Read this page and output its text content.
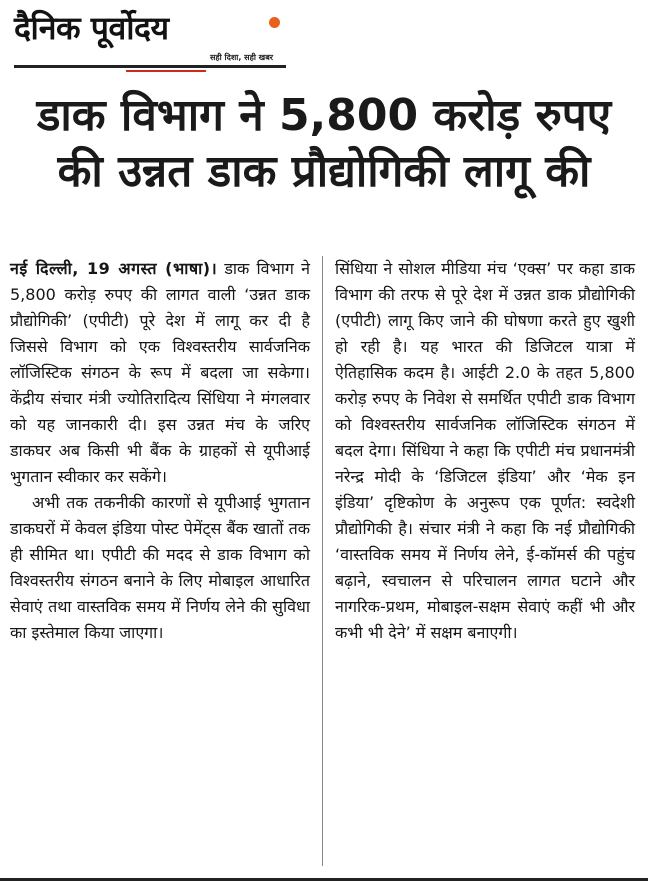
दैनिक पूर्वोदय
सही दिशा, सही खबर
डाक विभाग ने 5,800 करोड़ रुपए
की उन्नत डाक प्रौद्योगिकी लागू की

नई दिल्ली, 19 अगस्त (भाषा)। डाक विभाग ने 5,800 करोड़ रुपए की लागत वाली ‘उन्नत डाक प्रौद्योगिकी’ (एपीटी) पूरे देश में लागू कर दी है जिससे विभाग को एक विश्वस्तरीय सार्वजनिक लॉजिस्टिक संगठन के रूप में बदला जा सकेगा। केंद्रीय संचार मंत्री ज्योतिरादित्य सिंधिया ने मंगलवार को यह जानकारी दी। इस उन्नत मंच के जरिए डाकघर अब किसी भी बैंक के ग्राहकों से यूपीआई भुगतान स्वीकार कर सकेंगे।

अभी तक तकनीकी कारणों से यूपीआई भुगतान डाकघरों में केवल इंडिया पोस्ट पेमेंट्स बैंक खातों तक ही सीमित था। एपीटी की मदद से डाक विभाग को विश्वस्तरीय संगठन बनाने के लिए मोबाइल आधारित सेवाएं तथा वास्तविक समय में निर्णय लेने की सुविधा का इस्तेमाल किया जाएगा।

सिंधिया ने सोशल मीडिया मंच ‘एक्स’ पर कहा डाक विभाग की तरफ से पूरे देश में उन्नत डाक प्रौद्योगिकी (एपीटी) लागू किए जाने की घोषणा करते हुए खुशी हो रही है। यह भारत की डिजिटल यात्रा में ऐतिहासिक कदम है। आईटी 2.0 के तहत 5,800 करोड़ रुपए के निवेश से समर्थित एपीटी डाक विभाग को विश्वस्तरीय सार्वजनिक लॉजिस्टिक संगठन में बदल देगा। सिंधिया ने कहा कि एपीटी मंच प्रधानमंत्री नरेन्द्र मोदी के ‘डिजिटल इंडिया’ और ‘मेक इन इंडिया’ दृष्टिकोण के अनुरूप एक पूर्णत: स्वदेशी प्रौद्योगिकी है। संचार मंत्री ने कहा कि नई प्रौद्योगिकी ‘वास्तविक समय में निर्णय लेने, ई-कॉमर्स की पहुंच बढ़ाने, स्वचालन से परिचालन लागत घटाने और नागरिक-प्रथम, मोबाइल-सक्षम सेवाएं कहीं भी और कभी भी देने’ में सक्षम बनाएगी।
